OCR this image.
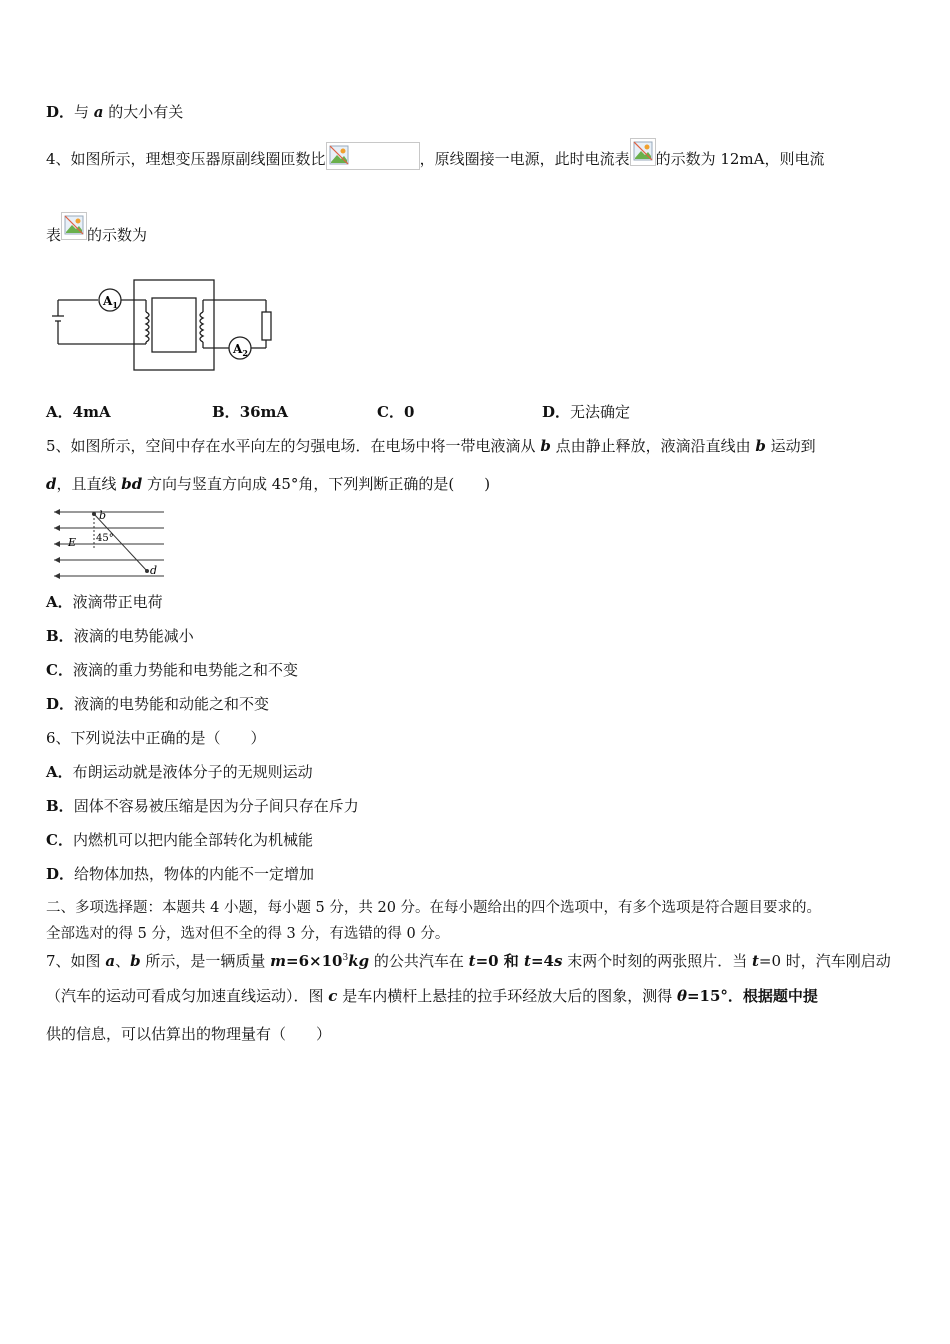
D．与 a 的大小有关
4、如图所示，理想变压器原副线圈匝数比	，原线圈接一电源，此时电流表 的示数为 12mA，则电流
表 的示数为
$A_1$
$A_2$
A．4mA	B．36mA	C．0	D．无法确定
5、如图所示，空间中存在水平向左的匀强电场．在电场中将一带电液滴从 b 点由静止释放，液滴沿直线由 b 运动到
d，且直线 bd 方向与竖直方向成 45°角，下列判断正确的是(　　)
b
d
E 45°
A．液滴带正电荷
B．液滴的电势能减小
C．液滴的重力势能和电势能之和不变
D．液滴的电势能和动能之和不变
6、下列说法中正确的是（　　）
A．布朗运动就是液体分子的无规则运动
B．固体不容易被压缩是因为分子间只存在斥力
C．内燃机可以把内能全部转化为机械能
D．给物体加热，物体的内能不一定增加
二、多项选择题：本题共 4 小题，每小题 5 分，共 20 分。在每小题给出的四个选项中，有多个选项是符合题目要求的。
全部选对的得 5 分，选对但不全的得 3 分，有选错的得 0 分。
7、如图 a、b 所示，是一辆质量 $m=6\times 10^3kg$ 的公共汽车在 t=0 和 t=4s 末两个时刻的两张照片．当 t=0 时，汽车刚启动
（汽车的运动可看成匀加速直线运动）．图 c 是车内横杆上悬挂的拉手环经放大后的图象，测得 θ=15°．根据题中提
供的信息，可以估算出的物理量有（　　）
